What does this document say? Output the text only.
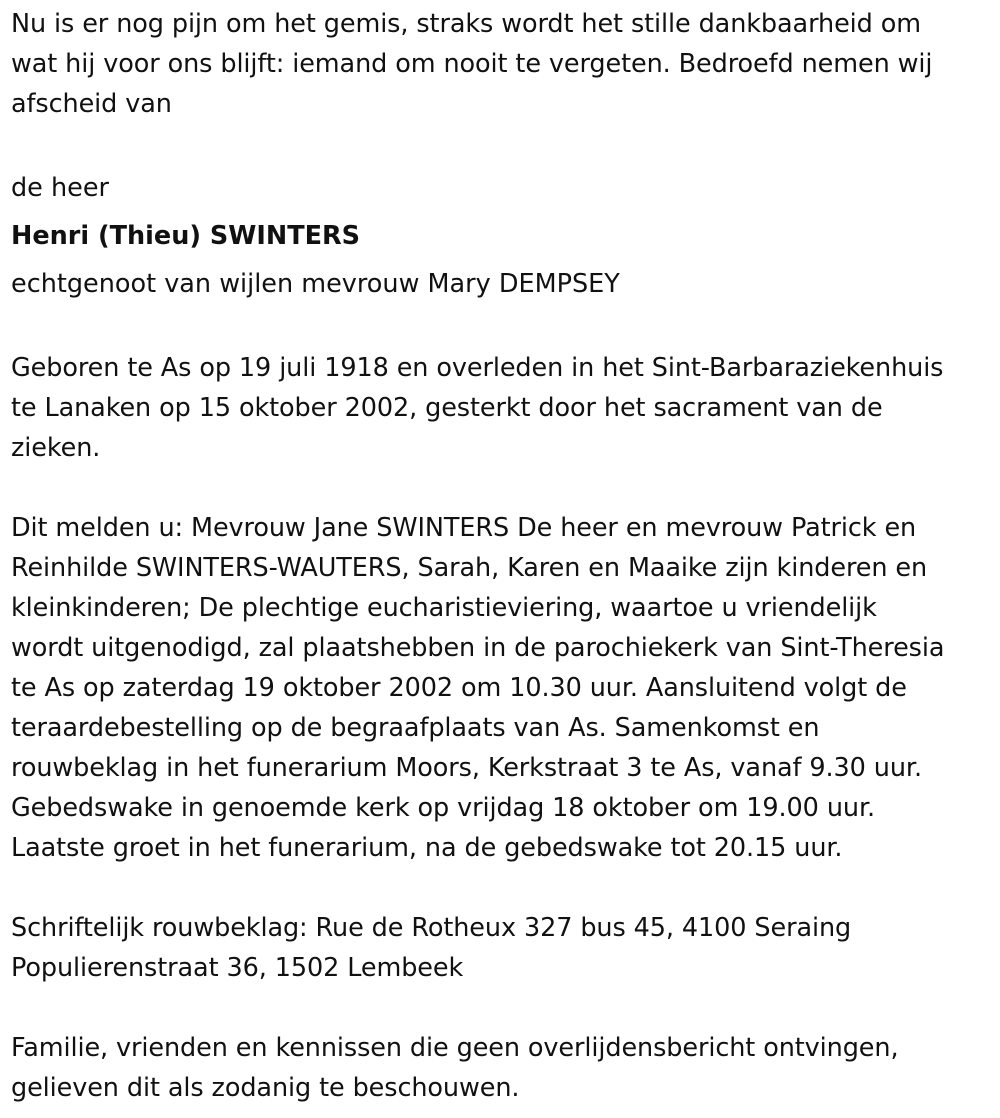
Nu is er nog pijn om het gemis, straks wordt het stille dankbaarheid om
wat hij voor ons blijft: iemand om nooit te vergeten. Bedroefd nemen wij
afscheid van

de heer

Henri (Thieu) SWINTERS

echtgenoot van wijlen mevrouw Mary DEMPSEY

Geboren te As op 19 juli 1918 en overleden in het Sint-Barbaraziekenhuis
te Lanaken op 15 oktober 2002, gesterkt door het sacrament van de
zieken.

Dit melden u: Mevrouw Jane SWINTERS De heer en mevrouw Patrick en
Reinhilde SWINTERS-WAUTERS, Sarah, Karen en Maaike zijn kinderen en
kleinkinderen; De plechtige eucharistieviering, waartoe u vriendelijk
wordt uitgenodigd, zal plaatshebben in de parochiekerk van Sint-Theresia
te As op zaterdag 19 oktober 2002 om 10.30 uur. Aansluitend volgt de
teraardebestelling op de begraafplaats van As. Samenkomst en
rouwbeklag in het funerarium Moors, Kerkstraat 3 te As, vanaf 9.30 uur.
Gebedswake in genoemde kerk op vrijdag 18 oktober om 19.00 uur.
Laatste groet in het funerarium, na de gebedswake tot 20.15 uur.

Schriftelijk rouwbeklag: Rue de Rotheux 327 bus 45, 4100 Seraing
Populierenstraat 36, 1502 Lembeek

Familie, vrienden en kennissen die geen overlijdensbericht ontvingen,
gelieven dit als zodanig te beschouwen.
